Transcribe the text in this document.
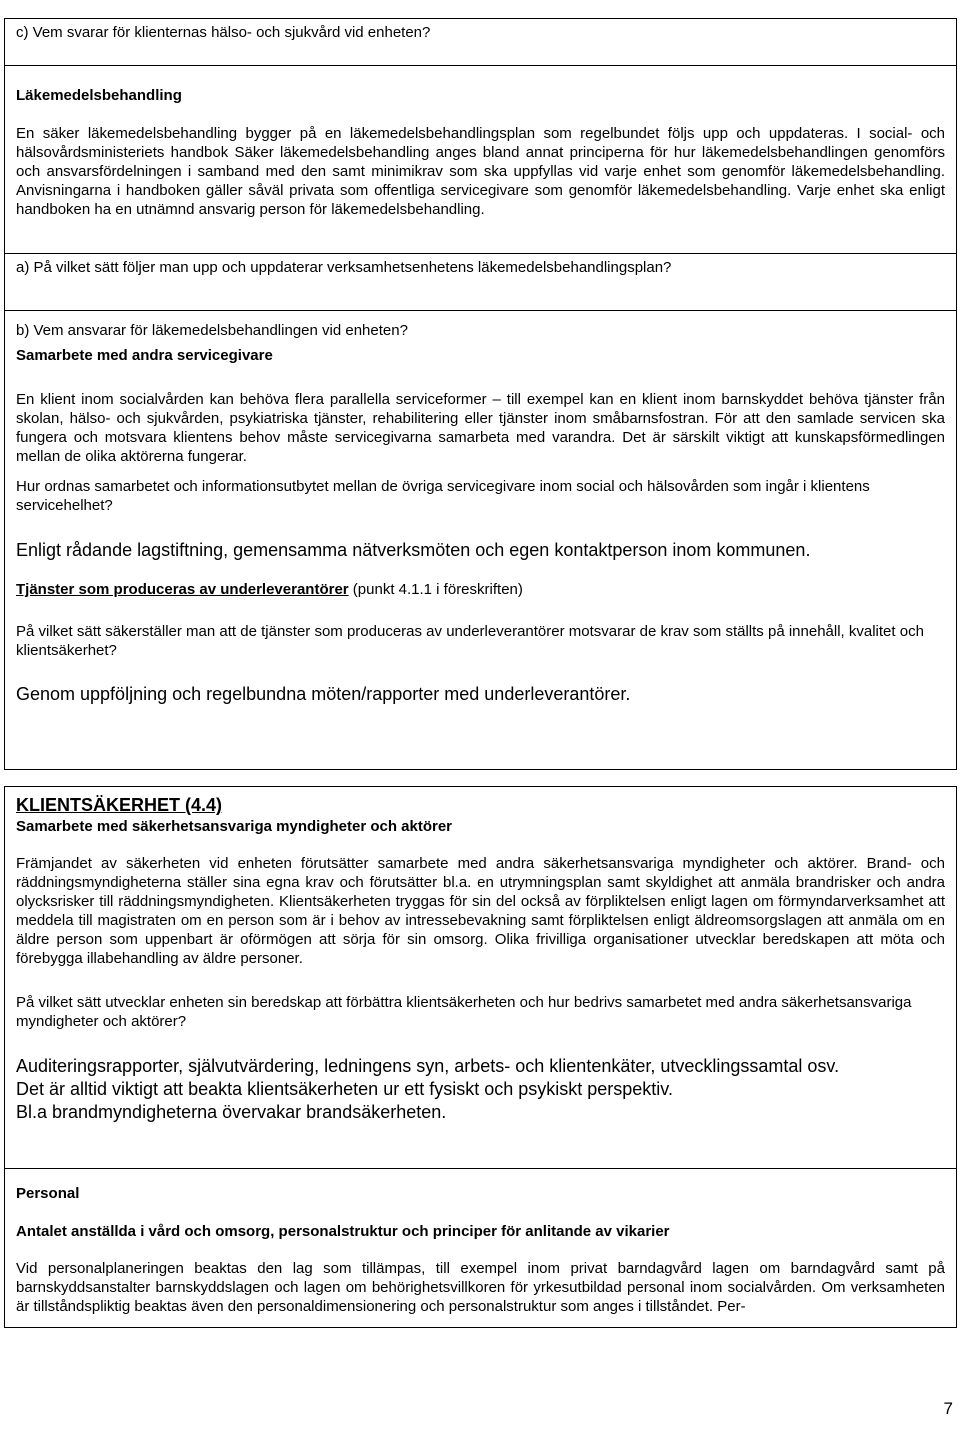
c) Vem svarar för klienternas hälso- och sjukvård vid enheten?

Läkemedelsbehandling

En säker läkemedelsbehandling bygger på en läkemedelsbehandlingsplan som regelbundet följs upp och uppdateras. I social- och hälsovårdsministeriets handbok Säker läkemedelsbehandling anges bland annat principerna för hur läkemedelsbehandlingen genomförs och ansvarsfördelningen i samband med den samt minimikrav som ska uppfyllas vid varje enhet som genomför läkemedelsbehandling. Anvisningarna i handboken gäller såväl privata som offentliga servicegivare som genomför läkemedelsbehandling. Varje enhet ska enligt handboken ha en utnämnd ansvarig person för läkemedelsbehandling.

a) På vilket sätt följer man upp och uppdaterar verksamhetsenhetens läkemedelsbehandlingsplan?

b) Vem ansvarar för läkemedelsbehandlingen vid enheten?

Samarbete med andra servicegivare

En klient inom socialvården kan behöva flera parallella serviceformer – till exempel kan en klient inom barnskyddet behöva tjänster från skolan, hälso- och sjukvården, psykiatriska tjänster, rehabilitering eller tjänster inom småbarnsfostran. För att den samlade servicen ska fungera och motsvara klientens behov måste servicegivarna samarbeta med varandra. Det är särskilt viktigt att kunskapsförmedlingen mellan de olika aktörerna fungerar.

Hur ordnas samarbetet och informationsutbytet mellan de övriga servicegivare inom social och hälsovården som ingår i klientens servicehelhet?

Enligt rådande lagstiftning, gemensamma nätverksmöten och egen kontaktperson inom kommunen.

Tjänster som produceras av underleverantörer (punkt 4.1.1 i föreskriften)

På vilket sätt säkerställer man att de tjänster som produceras av underleverantörer motsvarar de krav som ställts på innehåll, kvalitet och klientsäkerhet?

Genom uppföljning och regelbundna möten/rapporter med underleverantörer.

KLIENTSÄKERHET (4.4)

Samarbete med säkerhetsansvariga myndigheter och aktörer

Främjandet av säkerheten vid enheten förutsätter samarbete med andra säkerhetsansvariga myndigheter och aktörer. Brand- och räddningsmyndigheterna ställer sina egna krav och förutsätter bl.a. en utrymningsplan samt skyldighet att anmäla brandrisker och andra olycksrisker till räddningsmyndigheten. Klientsäkerheten tryggas för sin del också av förpliktelsen enligt lagen om förmyndarverksamhet att meddela till magistraten om en person som är i behov av intressebevakning samt förpliktelsen enligt äldreomsorgslagen att anmäla om en äldre person som uppenbart är oförmögen att sörja för sin omsorg. Olika frivilliga organisationer utvecklar beredskapen att möta och förebygga illabehandling av äldre personer.

På vilket sätt utvecklar enheten sin beredskap att förbättra klientsäkerheten och hur bedrivs samarbetet med andra säkerhetsansvariga myndigheter och aktörer?

Auditeringsrapporter, självutvärdering, ledningens syn, arbets- och klientenkäter, utvecklingssamtal osv.

Det är alltid viktigt att beakta klientsäkerheten ur ett fysiskt och psykiskt perspektiv.

Bl.a brandmyndigheterna övervakar brandsäkerheten.

Personal

Antalet anställda i vård och omsorg, personalstruktur och principer för anlitande av vikarier

Vid personalplaneringen beaktas den lag som tillämpas, till exempel inom privat barndagvård lagen om barndagvård samt på barnskyddsanstalter barnskyddslagen och lagen om behörighetsvillkoren för yrkesutbildad personal inom socialvården. Om verksamheten är tillståndspliktig beaktas även den personaldimensionering och personalstruktur som anges i tillståndet. Per-

7
